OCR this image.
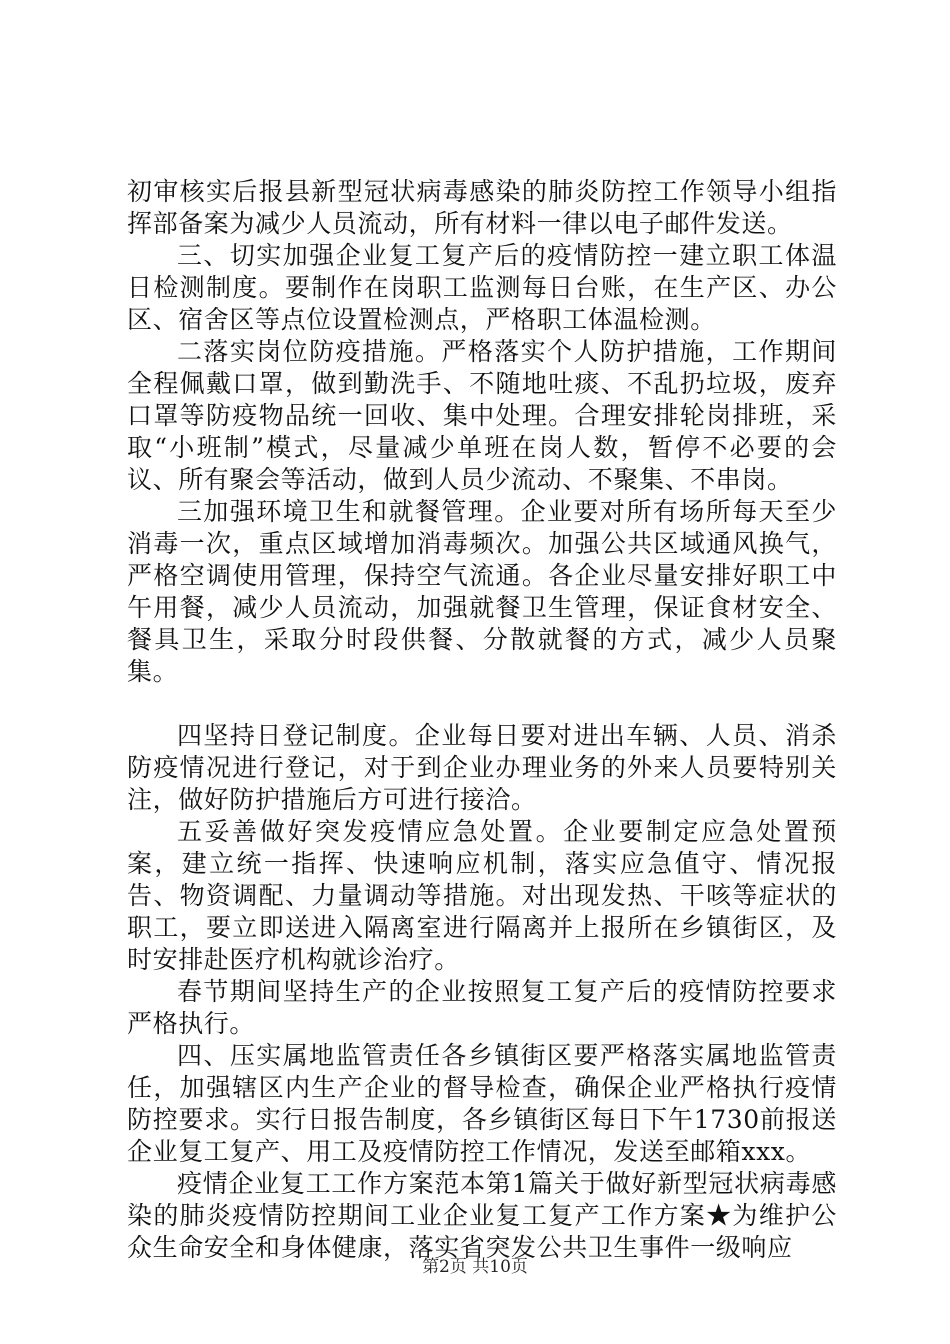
初审核实后报县新型冠状病毒感染的肺炎防控工作领导小组指挥部备案为减少人员流动，所有材料一律以电子邮件发送。

三、切实加强企业复工复产后的疫情防控一建立职工体温日检测制度。要制作在岗职工监测每日台账，在生产区、办公区、宿舍区等点位设置检测点，严格职工体温检测。

二落实岗位防疫措施。严格落实个人防护措施，工作期间全程佩戴口罩，做到勤洗手、不随地吐痰、不乱扔垃圾，废弃口罩等防疫物品统一回收、集中处理。合理安排轮岗排班，采取“小班制”模式，尽量减少单班在岗人数，暂停不必要的会议、所有聚会等活动，做到人员少流动、不聚集、不串岗。

三加强环境卫生和就餐管理。企业要对所有场所每天至少消毒一次，重点区域增加消毒频次。加强公共区域通风换气，严格空调使用管理，保持空气流通。各企业尽量安排好职工中午用餐，减少人员流动，加强就餐卫生管理，保证食材安全、餐具卫生，采取分时段供餐、分散就餐的方式，减少人员聚集。

四坚持日登记制度。企业每日要对进出车辆、人员、消杀防疫情况进行登记，对于到企业办理业务的外来人员要特别关注，做好防护措施后方可进行接洽。

五妥善做好突发疫情应急处置。企业要制定应急处置预案，建立统一指挥、快速响应机制，落实应急值守、情况报告、物资调配、力量调动等措施。对出现发热、干咳等症状的职工，要立即送进入隔离室进行隔离并上报所在乡镇街区，及时安排赴医疗机构就诊治疗。

春节期间坚持生产的企业按照复工复产后的疫情防控要求严格执行。

四、压实属地监管责任各乡镇街区要严格落实属地监管责任，加强辖区内生产企业的督导检查，确保企业严格执行疫情防控要求。实行日报告制度，各乡镇街区每日下午1730前报送企业复工复产、用工及疫情防控工作情况，发送至邮箱xxx。

疫情企业复工工作方案范本第1篇关于做好新型冠状病毒感染的肺炎疫情防控期间工业企业复工复产工作方案★为维护公众生命安全和身体健康，落实省突发公共卫生事件一级响应

第2页 共10页
